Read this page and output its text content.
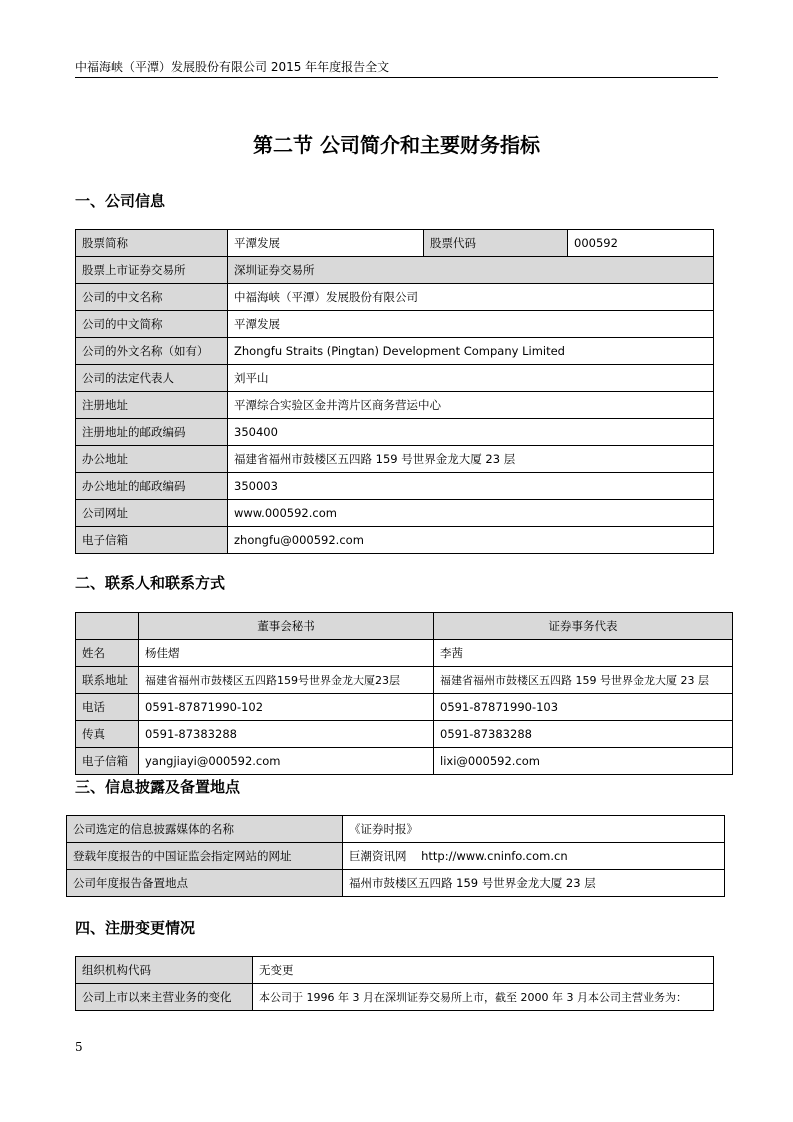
中福海峡（平潭）发展股份有限公司 2015 年年度报告全文
第二节 公司简介和主要财务指标
一、公司信息
股票简称	平潭发展	股票代码	000592
股票上市证券交易所	深圳证券交易所		
公司的中文名称	中福海峡（平潭）发展股份有限公司		
公司的中文简称	平潭发展		
公司的外文名称（如有）	Zhongfu Straits (Pingtan) Development Company Limited		
公司的法定代表人	刘平山		
注册地址	平潭综合实验区金井湾片区商务营运中心		
注册地址的邮政编码	350400		
办公地址	福建省福州市鼓楼区五四路 159 号世界金龙大厦 23 层		
办公地址的邮政编码	350003		
公司网址	www.000592.com		
电子信箱	zhongfu@000592.com		
二、联系人和联系方式
	董事会秘书	证券事务代表
姓名	杨佳熠	李茜
联系地址	福建省福州市鼓楼区五四路159号世界金龙大厦23层	福建省福州市鼓楼区五四路 159 号世界金龙大厦 23 层
电话	0591-87871990-102	0591-87871990-103
传真	0591-87383288	0591-87383288
电子信箱	yangjiayi@000592.com	lixi@000592.com
三、信息披露及备置地点
公司选定的信息披露媒体的名称	《证券时报》
登载年度报告的中国证监会指定网站的网址	巨潮资讯网    http://www.cninfo.com.cn
公司年度报告备置地点	福州市鼓楼区五四路 159 号世界金龙大厦 23 层
四、注册变更情况
组织机构代码	无变更
公司上市以来主营业务的变化	本公司于 1996 年 3 月在深圳证券交易所上市，截至 2000 年 3 月本公司主营业务为：
5
